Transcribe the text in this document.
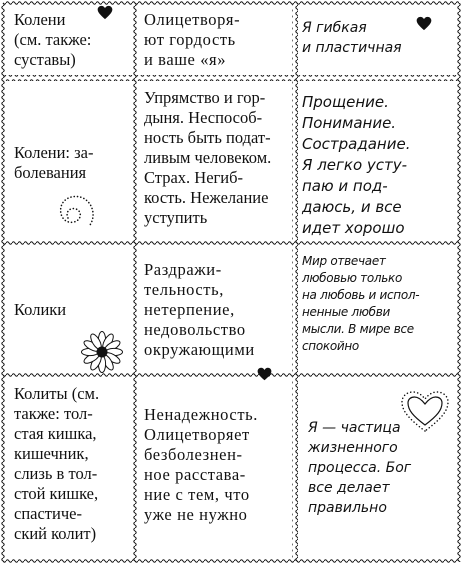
Колени
(см. также:
суставы)
Олицетворя-
ют гордость
и ваше «я»
Я гибкая
и пластичная
Колени: за-
болевания
Упрямство и гор-
дыня. Неспособ-
ность быть подат-
ливым человеком.
Страх. Негиб-
кость. Нежелание
уступить
Прощение.
Понимание.
Сострадание.
Я легко усту-
паю и под-
даюсь, и все
идет хорошо
Колики
Раздражи-
тельность,
нетерпение,
недовольство
окружающими
Мир отвечает
любовью только
на любовь и испол-
ненные любви
мысли. В мире все
спокойно
Колиты (см.
также: тол-
стая кишка,
кишечник,
слизь в тол-
стой кишке,
спастиче-
ский колит)
Ненадежность.
Олицетворяет
безболезнен-
ное расстава-
ние с тем, что
уже не нужно
Я — частица
жизненного
процесса. Бог
все делает
правильно
